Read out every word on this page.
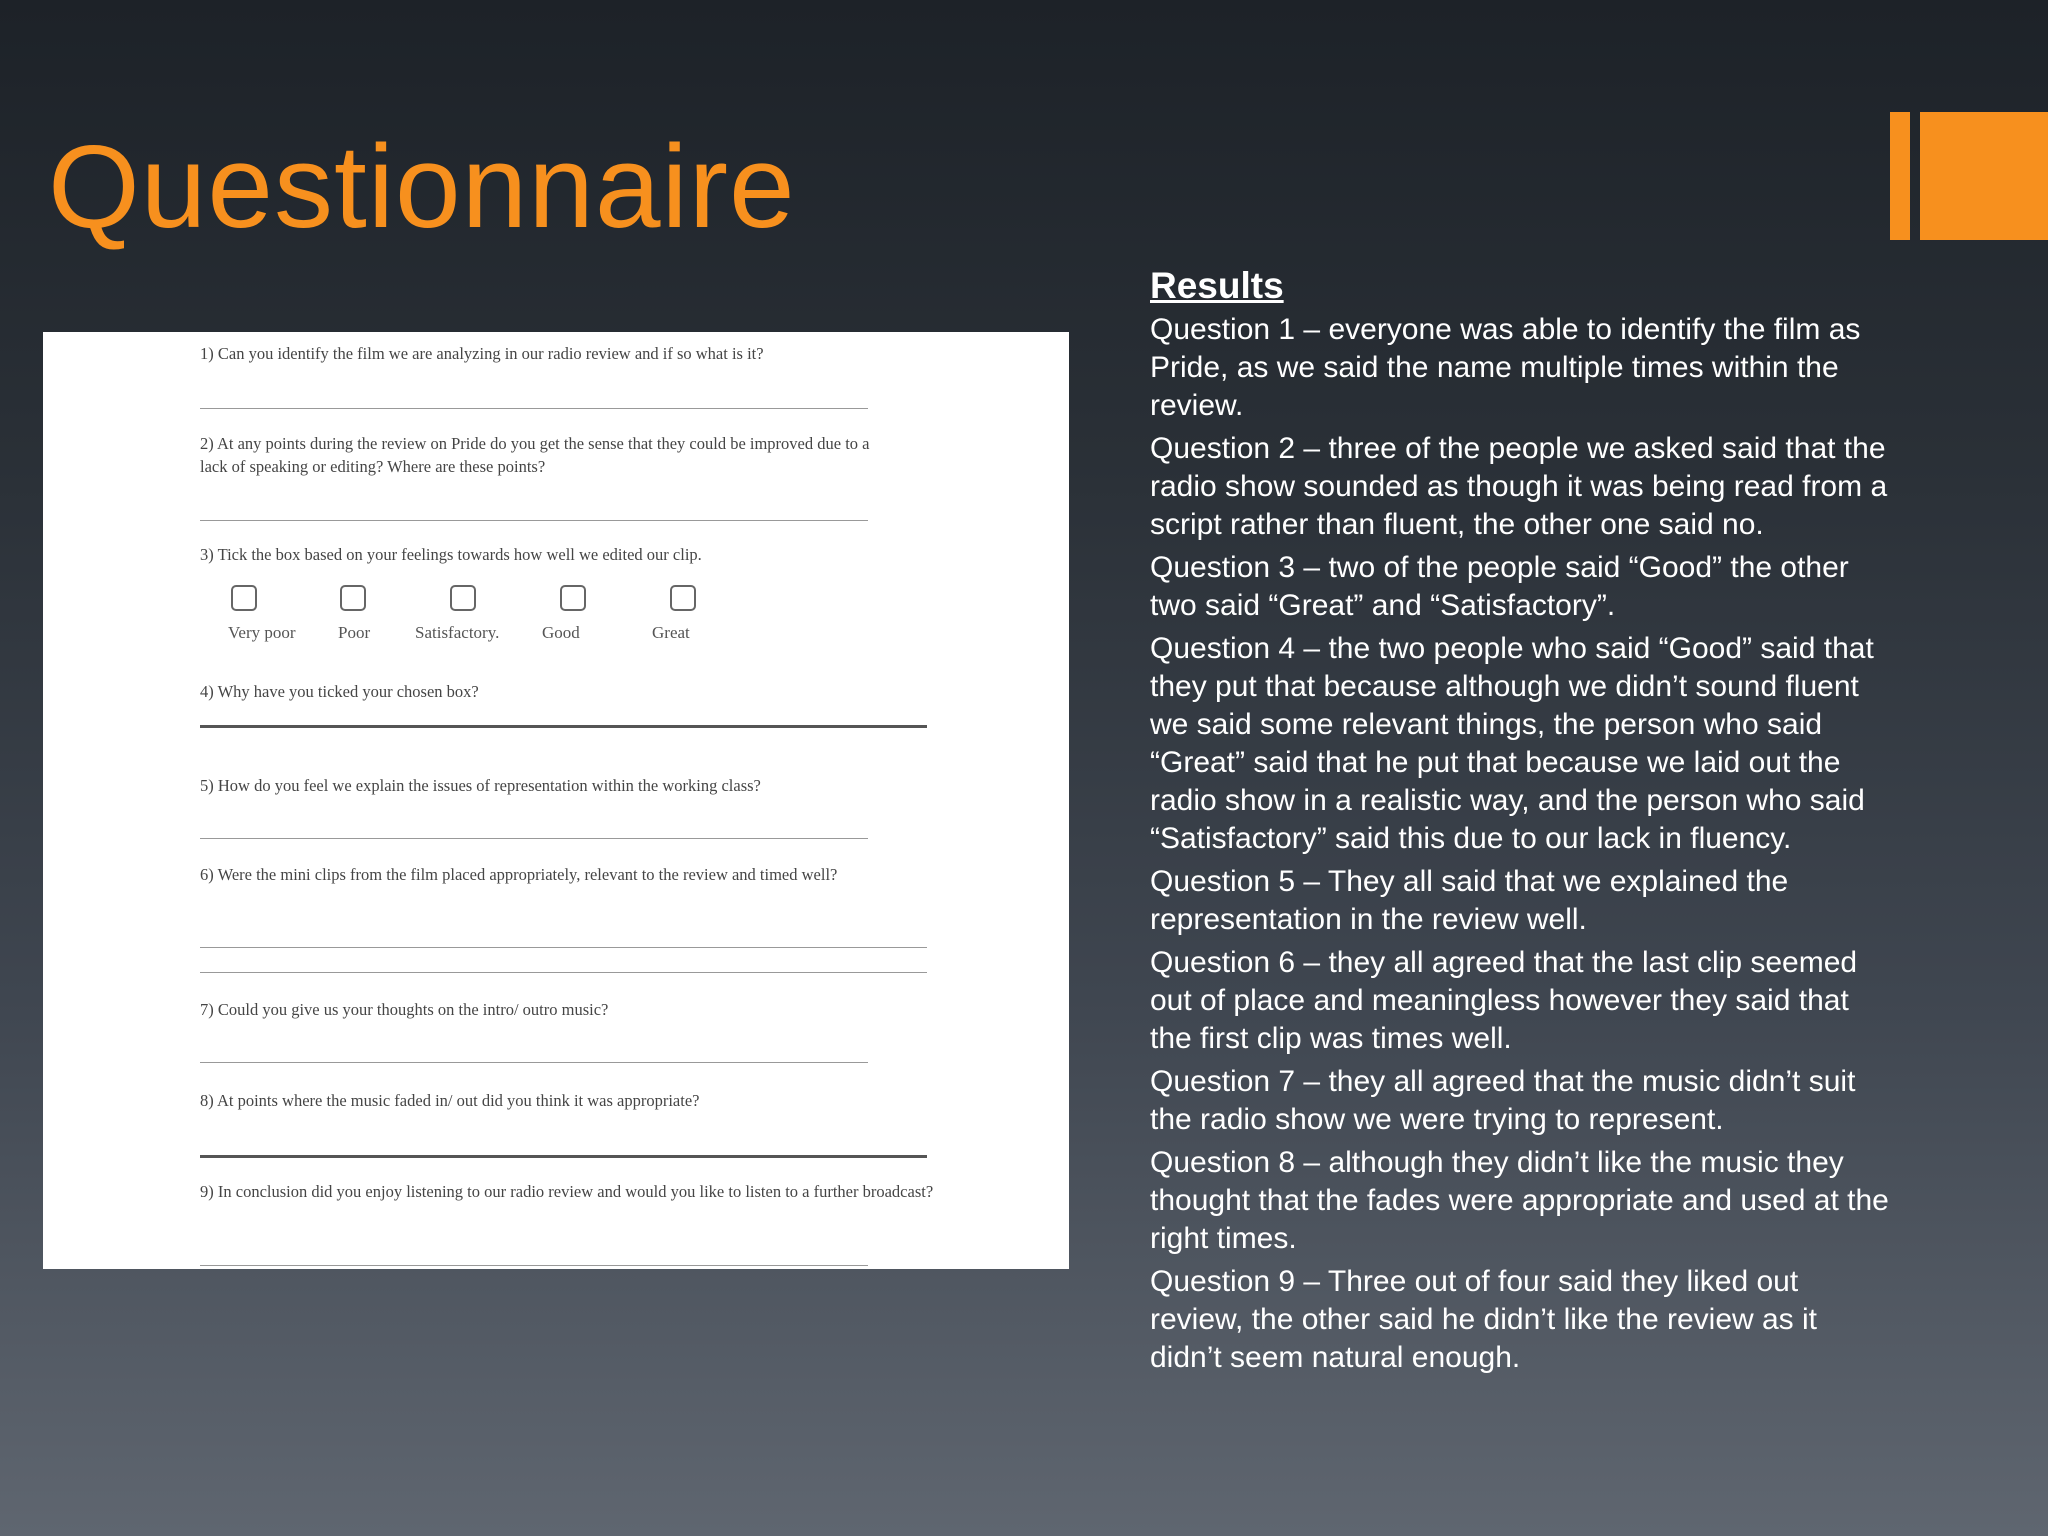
Questionnaire
1) Can you identify the film we are analyzing in our radio review and if so what is it?
2) At any points during the review on Pride do you get the sense that they could be improved due to a lack of speaking or editing? Where are these points?
3) Tick the box based on your feelings towards how well we edited our clip.
Very poor Poor	Satisfactory.	Good	Great
4) Why have you ticked your chosen box?
5) How do you feel we explain the issues of representation within the working class?
6) Were the mini clips from the film placed appropriately, relevant to the review and timed well?
7) Could you give us your thoughts on the intro/ outro music?
8) At points where the music faded in/ out did you think it was appropriate?
9) In conclusion did you enjoy listening to our radio review and would you like to listen to a further broadcast?
Results

Question 1 – everyone was able to identify the film as Pride, as we said the name multiple times within the review.

Question 2 – three of the people we asked said that the radio show sounded as though it was being read from a script rather than fluent, the other one said no.

Question 3 – two of the people said “Good” the other two said “Great” and “Satisfactory”.

Question 4 – the two people who said “Good” said that they put that because although we didn’t sound fluent we said some relevant things, the person who said “Great” said that he put that because we laid out the radio show in a realistic way, and the person who said “Satisfactory” said this due to our lack in fluency.

Question 5 – They all said that we explained the representation in the review well.

Question 6 – they all agreed that the last clip seemed out of place and meaningless however they said that the first clip was times well.

Question 7 – they all agreed that the music didn’t suit the radio show we were trying to represent.

Question 8 – although they didn’t like the music they thought that the fades were appropriate and used at the right times.

Question 9 – Three out of four said they liked out review, the other said he didn’t like the review as it didn’t seem natural enough.
